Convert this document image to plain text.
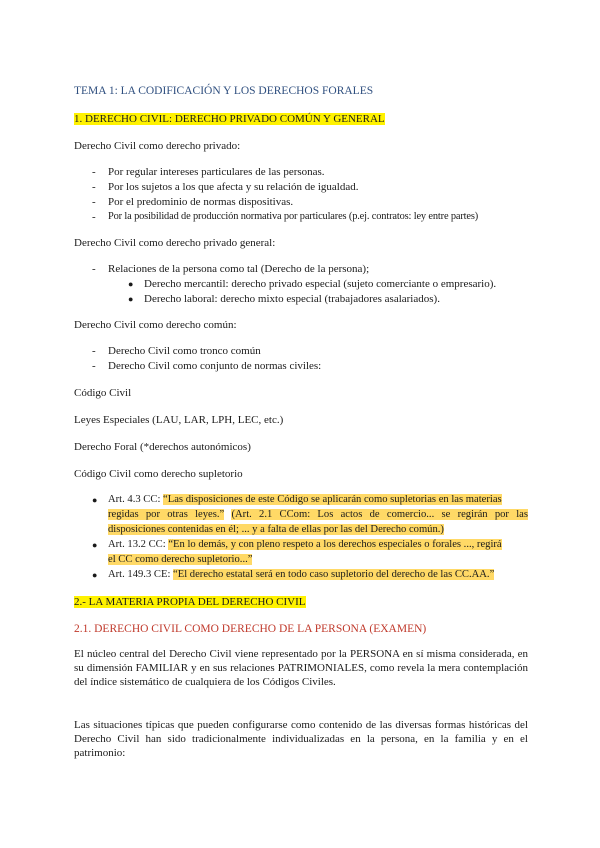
TEMA 1: LA CODIFICACIÓN Y LOS DERECHOS FORALES
1. DERECHO CIVIL: DERECHO PRIVADO COMÚN Y GENERAL
Derecho Civil como derecho privado:
- Por regular intereses particulares de las personas.
- Por los sujetos a los que afecta y su relación de igualdad.
- Por el predominio de normas dispositivas.
- Por la posibilidad de producción normativa por particulares (p.ej. contratos: ley entre partes)
Derecho Civil como derecho privado general:
- Relaciones de la persona como tal (Derecho de la persona);
● Derecho mercantil: derecho privado especial (sujeto comerciante o empresario).
● Derecho laboral: derecho mixto especial (trabajadores asalariados).
Derecho Civil como derecho común:
- Derecho Civil como tronco común
- Derecho Civil como conjunto de normas civiles:
Código Civil
Leyes Especiales (LAU, LAR, LPH, LEC, etc.)
Derecho Foral (*derechos autonómicos)
Código Civil como derecho supletorio
● Art. 4.3 CC: “Las disposiciones de este Código se aplicarán como supletorias en las materias
regidas por otras leyes.” (Art. 2.1 CCom: Los actos de comercio... se regirán por las
disposiciones contenidas en él; ... y a falta de ellas por las del Derecho común.)
● Art. 13.2 CC: “En lo demás, y con pleno respeto a los derechos especiales o forales ..., regirá
el CC como derecho supletorio...”
● Art. 149.3 CE: “El derecho estatal será en todo caso supletorio del derecho de las CC.AA.”
2.- LA MATERIA PROPIA DEL DERECHO CIVIL
2.1. DERECHO CIVIL COMO DERECHO DE LA PERSONA (EXAMEN)
El núcleo central del Derecho Civil viene representado por la PERSONA en sí misma considerada, en su dimensión FAMILIAR y en sus relaciones PATRIMONIALES, como revela la mera contemplación del índice sistemático de cualquiera de los Códigos Civiles.
Las situaciones típicas que pueden configurarse como contenido de las diversas formas históricas del Derecho Civil han sido tradicionalmente individualizadas en la persona, en la familia y en el patrimonio:
